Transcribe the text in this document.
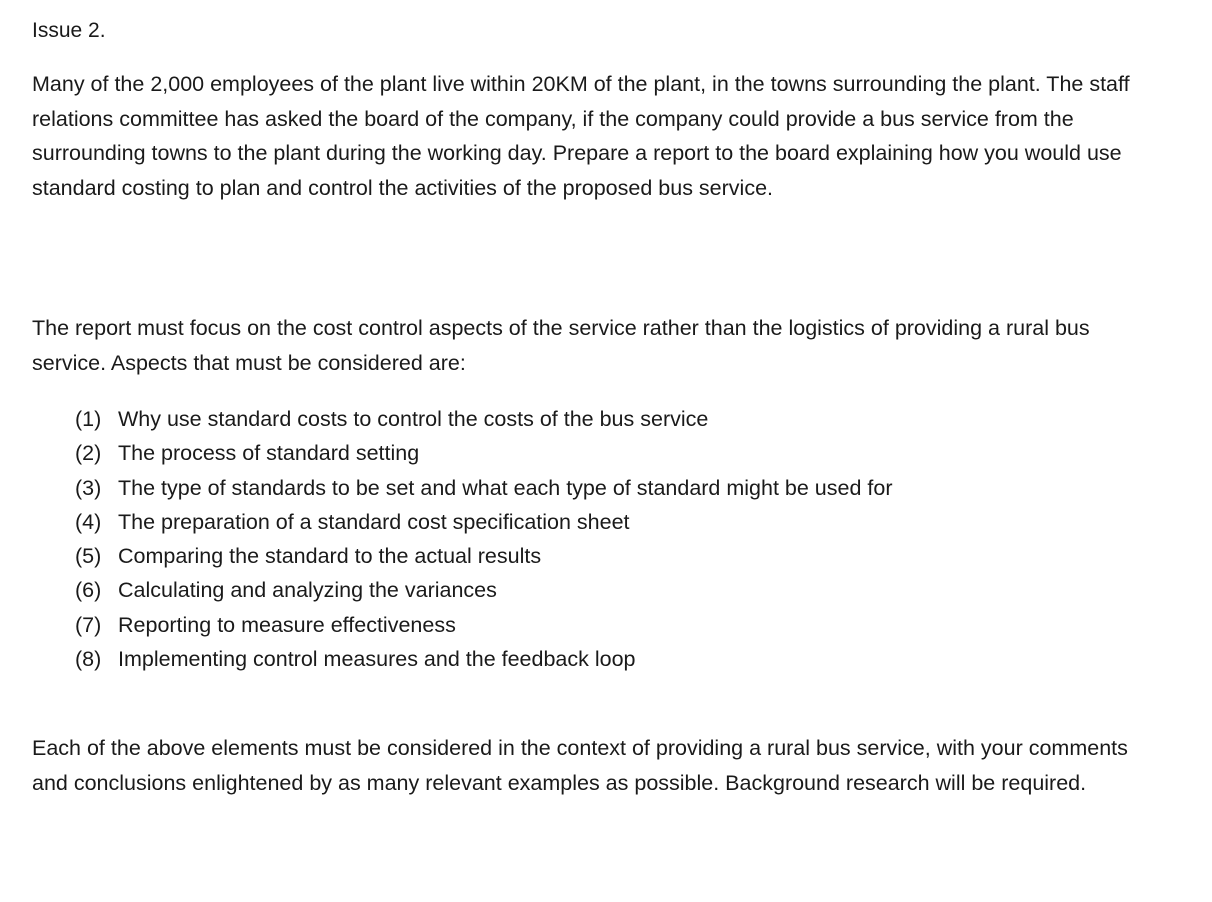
Issue 2.

Many of the 2,000 employees of the plant live within 20KM of the plant, in the towns surrounding the plant. The staff relations committee has asked the board of the company, if the company could provide a bus service from the surrounding towns to the plant during the working day. Prepare a report to the board explaining how you would use standard costing to plan and control the activities of the proposed bus service.

The report must focus on the cost control aspects of the service rather than the logistics of providing a rural bus service. Aspects that must be considered are:

(1) Why use standard costs to control the costs of the bus service
(2) The process of standard setting
(3) The type of standards to be set and what each type of standard might be used for
(4) The preparation of a standard cost specification sheet
(5) Comparing the standard to the actual results
(6) Calculating and analyzing the variances
(7) Reporting to measure effectiveness
(8) Implementing control measures and the feedback loop

Each of the above elements must be considered in the context of providing a rural bus service, with your comments and conclusions enlightened by as many relevant examples as possible. Background research will be required.
